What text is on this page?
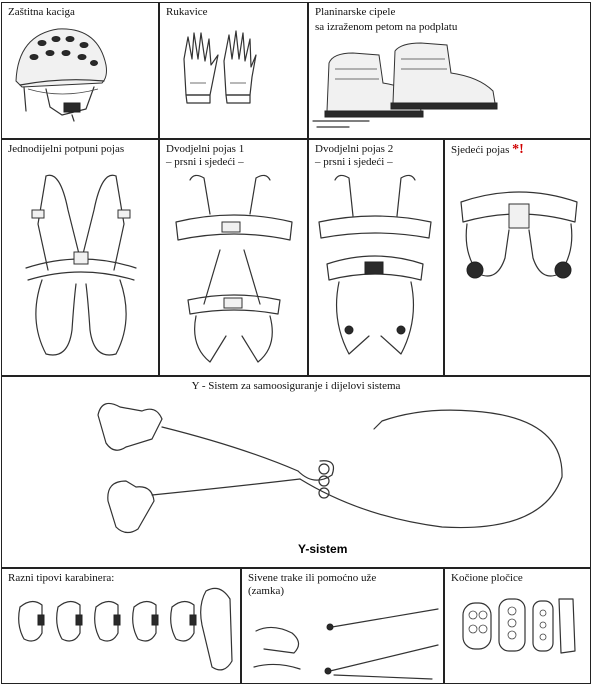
Zaštitna kaciga	Rukavice	Planinarske cipele
sa izraženom petom na podplatu
Jednodijelni potpuni pojas	Dvodjelni pojas 1
– prsni i sjedeći –
Dvodjelni pojas 2
– prsni i sjedeći –
Sjedeći pojas *!
Y - Sistem za samoosiguranje i dijelovi sistema
Y-sistem
Razni tipovi karabinera:	Sivene trake ili pomoćno uže
(zamka)
Kočione pločice
